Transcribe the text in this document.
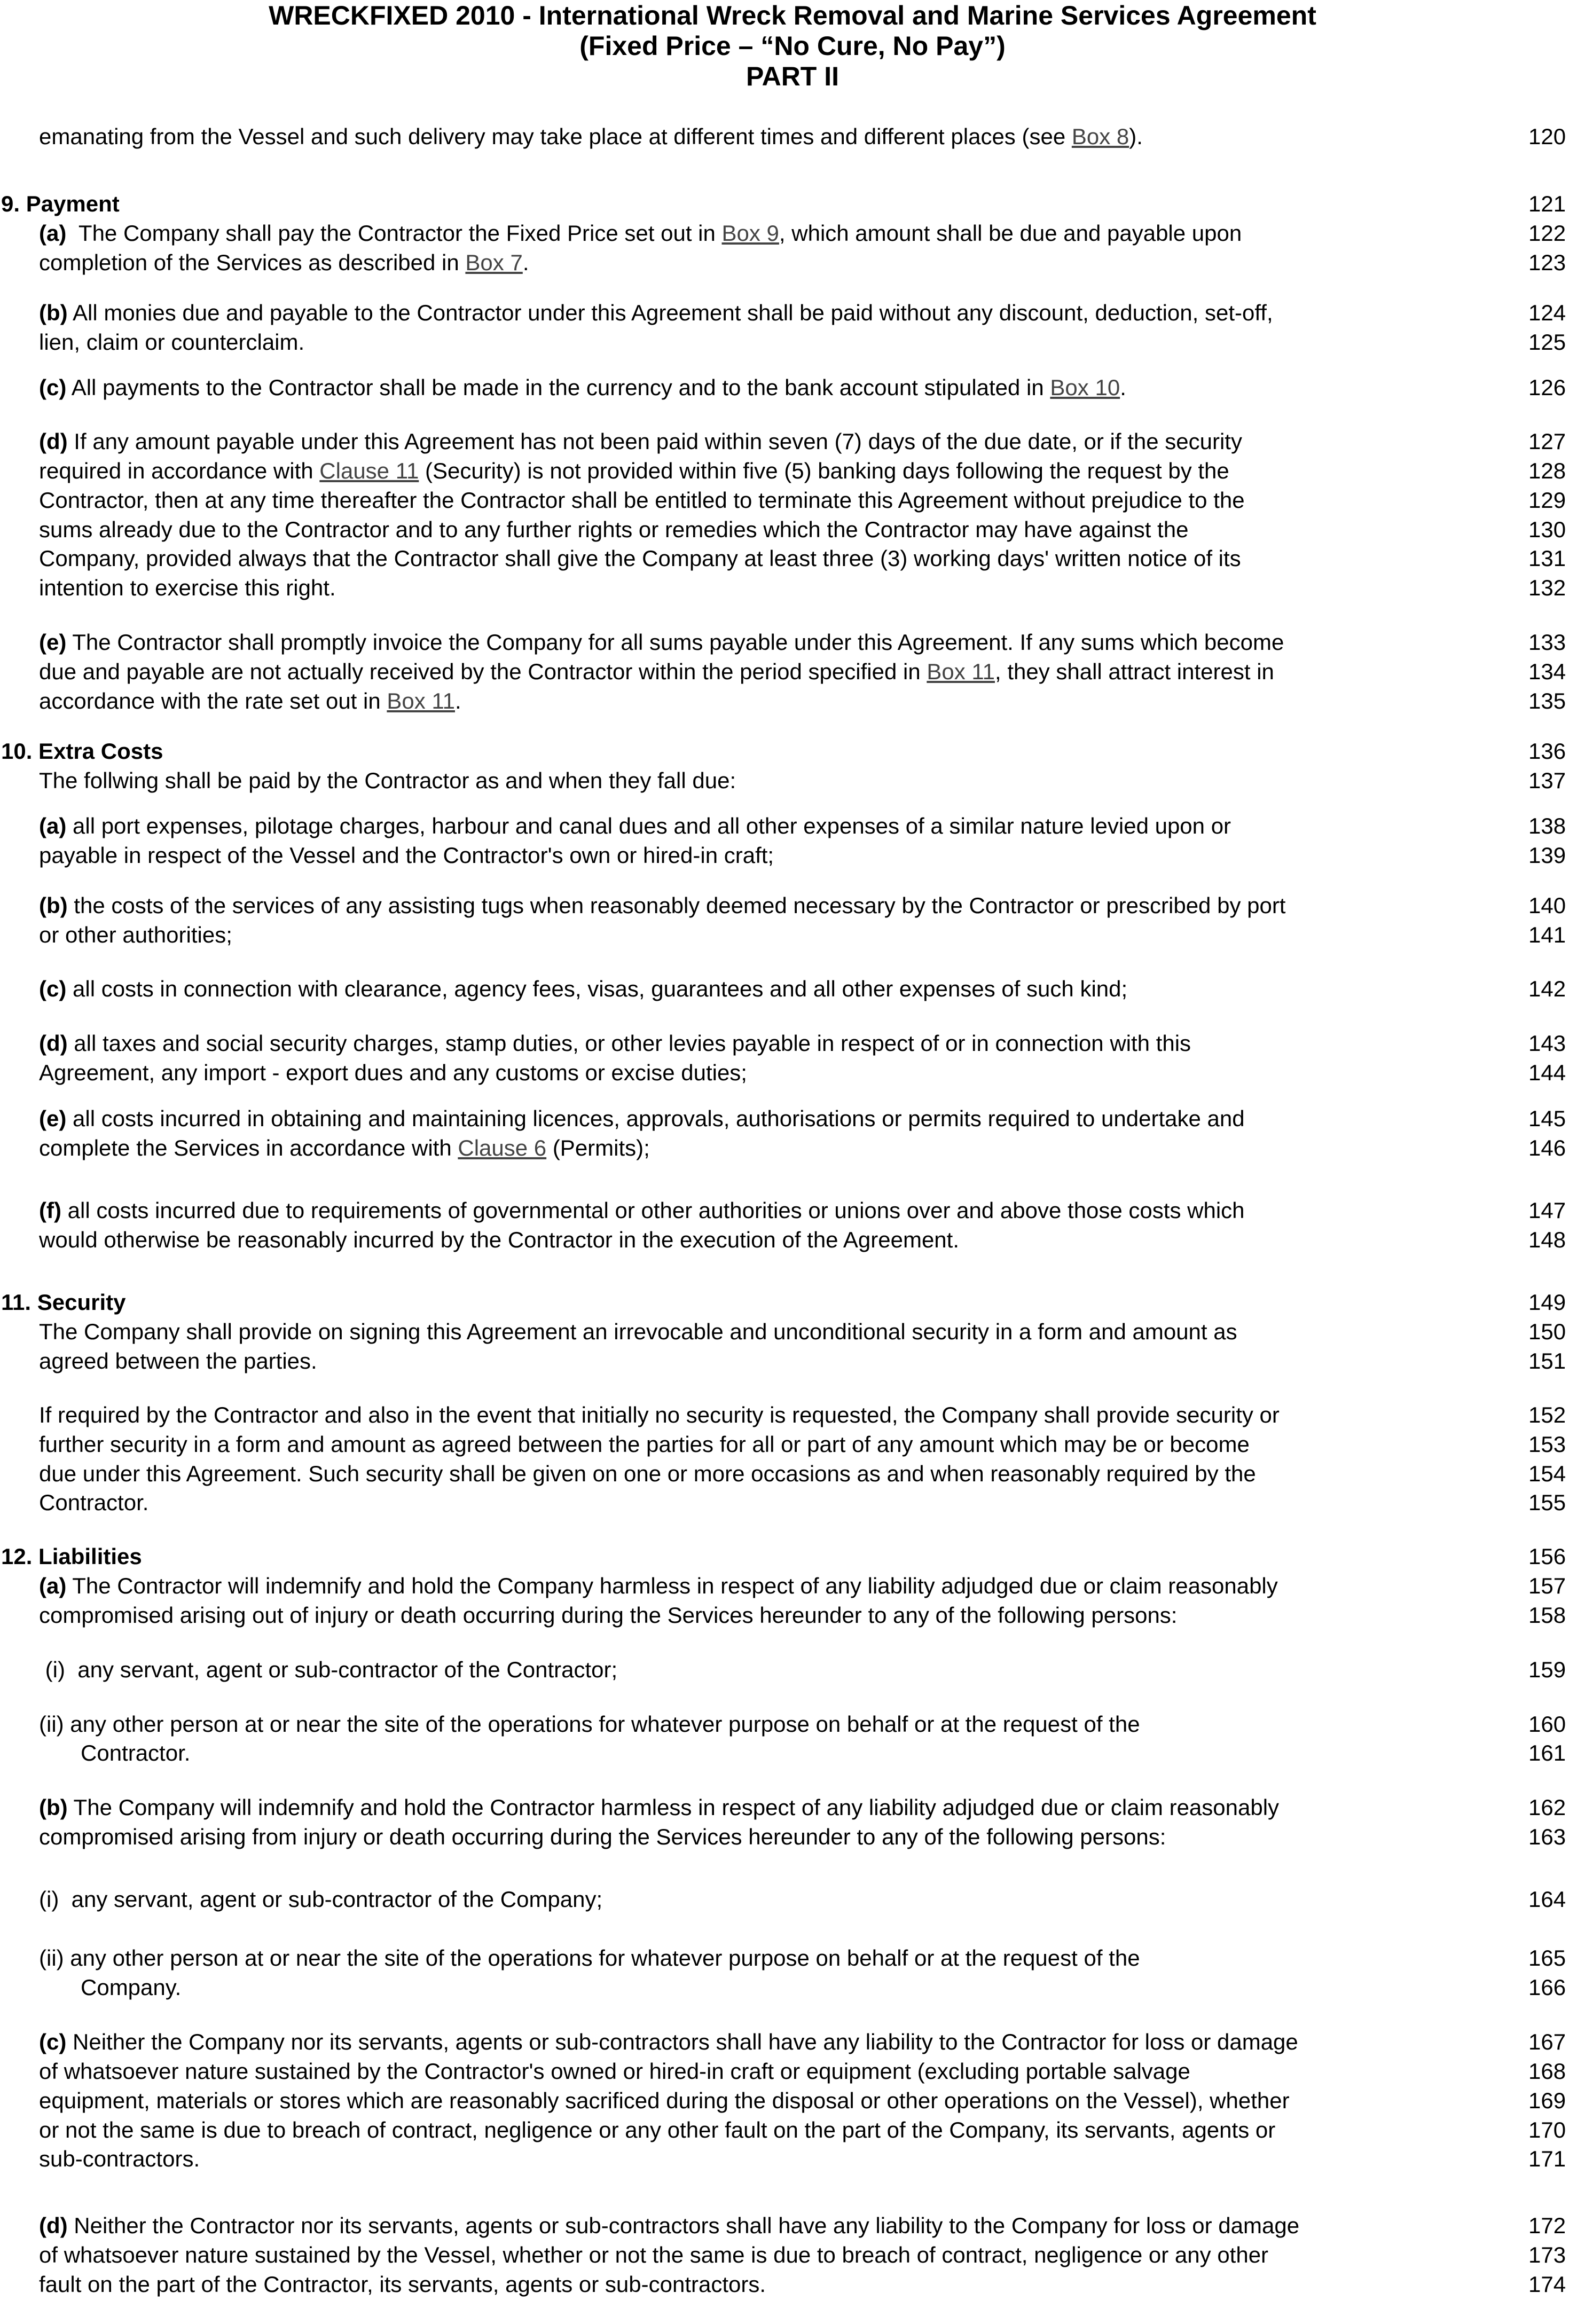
WRECKFIXED 2010 - International Wreck Removal and Marine Services Agreement
(Fixed Price – “No Cure, No Pay”)
PART II
emanating from the Vessel and such delivery may take place at different times and different places (see Box 8).	120
9. Payment	121
(a)  The Company shall pay the Contractor the Fixed Price set out in Box 9, which amount shall be due and payable upon	122
completion of the Services as described in Box 7.	123
(b) All monies due and payable to the Contractor under this Agreement shall be paid without any discount, deduction, set-off,	124
lien, claim or counterclaim.	125
(c) All payments to the Contractor shall be made in the currency and to the bank account stipulated in Box 10.	126
(d) If any amount payable under this Agreement has not been paid within seven (7) days of the due date, or if the security	127
required in accordance with Clause 11 (Security) is not provided within five (5) banking days following the request by the	128
Contractor, then at any time thereafter the Contractor shall be entitled to terminate this Agreement without prejudice to the	129
sums already due to the Contractor and to any further rights or remedies which the Contractor may have against the	130
Company, provided always that the Contractor shall give the Company at least three (3) working days' written notice of its	131
intention to exercise this right.	132
(e) The Contractor shall promptly invoice the Company for all sums payable under this Agreement. If any sums which become	133
due and payable are not actually received by the Contractor within the period specified in Box 11, they shall attract interest in	134
accordance with the rate set out in Box 11.	135
10. Extra Costs	136
The follwing shall be paid by the Contractor as and when they fall due:	137
(a) all port expenses, pilotage charges, harbour and canal dues and all other expenses of a similar nature levied upon or	138
payable in respect of the Vessel and the Contractor's own or hired-in craft;	139
(b) the costs of the services of any assisting tugs when reasonably deemed necessary by the Contractor or prescribed by port	140
or other authorities;	141
(c) all costs in connection with clearance, agency fees, visas, guarantees and all other expenses of such kind;	142
(d) all taxes and social security charges, stamp duties, or other levies payable in respect of or in connection with this	143
Agreement, any import - export dues and any customs or excise duties;	144
(e) all costs incurred in obtaining and maintaining licences, approvals, authorisations or permits required to undertake and	145
complete the Services in accordance with Clause 6 (Permits);	146
(f) all costs incurred due to requirements of governmental or other authorities or unions over and above those costs which	147
would otherwise be reasonably incurred by the Contractor in the execution of the Agreement.	148
11. Security	149
The Company shall provide on signing this Agreement an irrevocable and unconditional security in a form and amount as	150
agreed between the parties.	151
If required by the Contractor and also in the event that initially no security is requested, the Company shall provide security or	152
further security in a form and amount as agreed between the parties for all or part of any amount which may be or become	153
due under this Agreement. Such security shall be given on one or more occasions as and when reasonably required by the	154
Contractor.	155
12. Liabilities	156
(a) The Contractor will indemnify and hold the Company harmless in respect of any liability adjudged due or claim reasonably	157
compromised arising out of injury or death occurring during the Services hereunder to any of the following persons:	158
(i)  any servant, agent or sub-contractor of the Contractor;	159
(ii) any other person at or near the site of the operations for whatever purpose on behalf or at the request of the	160
Contractor.	161
(b) The Company will indemnify and hold the Contractor harmless in respect of any liability adjudged due or claim reasonably	162
compromised arising from injury or death occurring during the Services hereunder to any of the following persons:	163
(i)  any servant, agent or sub-contractor of the Company;	164
(ii) any other person at or near the site of the operations for whatever purpose on behalf or at the request of the	165
Company.	166
(c) Neither the Company nor its servants, agents or sub-contractors shall have any liability to the Contractor for loss or damage	167
of whatsoever nature sustained by the Contractor's owned or hired-in craft or equipment (excluding portable salvage	168
equipment, materials or stores which are reasonably sacrificed during the disposal or other operations on the Vessel), whether	169
or not the same is due to breach of contract, negligence or any other fault on the part of the Company, its servants, agents or	170
sub-contractors.	171
(d) Neither the Contractor nor its servants, agents or sub-contractors shall have any liability to the Company for loss or damage	172
of whatsoever nature sustained by the Vessel, whether or not the same is due to breach of contract, negligence or any other	173
fault on the part of the Contractor, its servants, agents or sub-contractors.	174
